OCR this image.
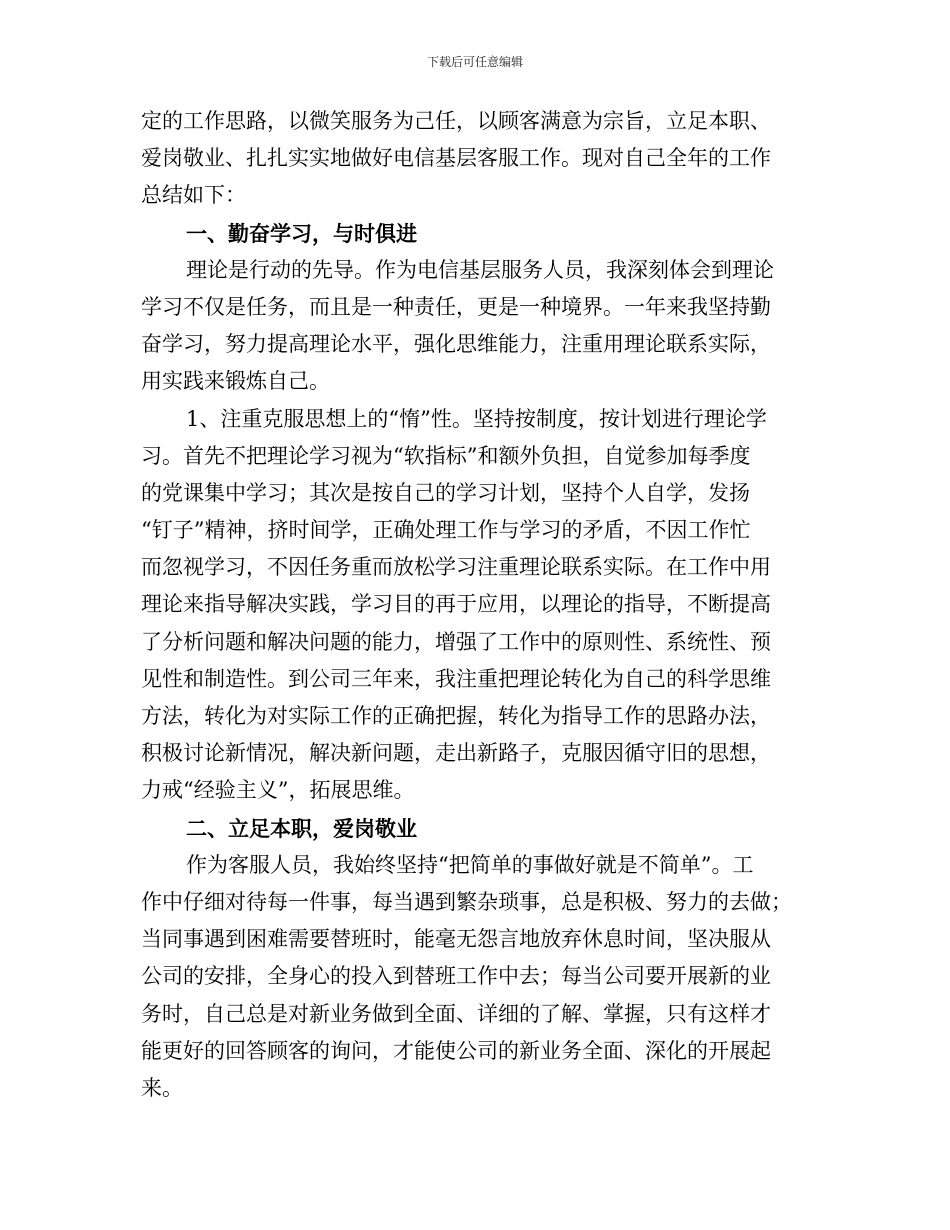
下载后可任意编辑
定的工作思路，以微笑服务为己任，以顾客满意为宗旨，立足本职、
爱岗敬业、扎扎实实地做好电信基层客服工作。现对自己全年的工作
总结如下：
一、勤奋学习，与时俱进
理论是行动的先导。作为电信基层服务人员，我深刻体会到理论
学习不仅是任务，而且是一种责任，更是一种境界。一年来我坚持勤
奋学习，努力提高理论水平，强化思维能力，注重用理论联系实际，
用实践来锻炼自己。
1、注重克服思想上的“惰”性。坚持按制度，按计划进行理论学
习。首先不把理论学习视为“软指标”和额外负担，自觉参加每季度
的党课集中学习；其次是按自己的学习计划，坚持个人自学，发扬
“钉子”精神，挤时间学，正确处理工作与学习的矛盾，不因工作忙
而忽视学习，不因任务重而放松学习注重理论联系实际。在工作中用
理论来指导解决实践，学习目的再于应用，以理论的指导，不断提高
了分析问题和解决问题的能力，增强了工作中的原则性、系统性、预
见性和制造性。到公司三年来，我注重把理论转化为自己的科学思维
方法，转化为对实际工作的正确把握，转化为指导工作的思路办法，
积极讨论新情况，解决新问题，走出新路子，克服因循守旧的思想，
力戒“经验主义”，拓展思维。
二、立足本职，爱岗敬业
作为客服人员，我始终坚持“把简单的事做好就是不简单”。工
作中仔细对待每一件事，每当遇到繁杂琐事，总是积极、努力的去做；
当同事遇到困难需要替班时，能毫无怨言地放弃休息时间，坚决服从
公司的安排，全身心的投入到替班工作中去；每当公司要开展新的业
务时，自己总是对新业务做到全面、详细的了解、掌握，只有这样才
能更好的回答顾客的询问，才能使公司的新业务全面、深化的开展起
来。
